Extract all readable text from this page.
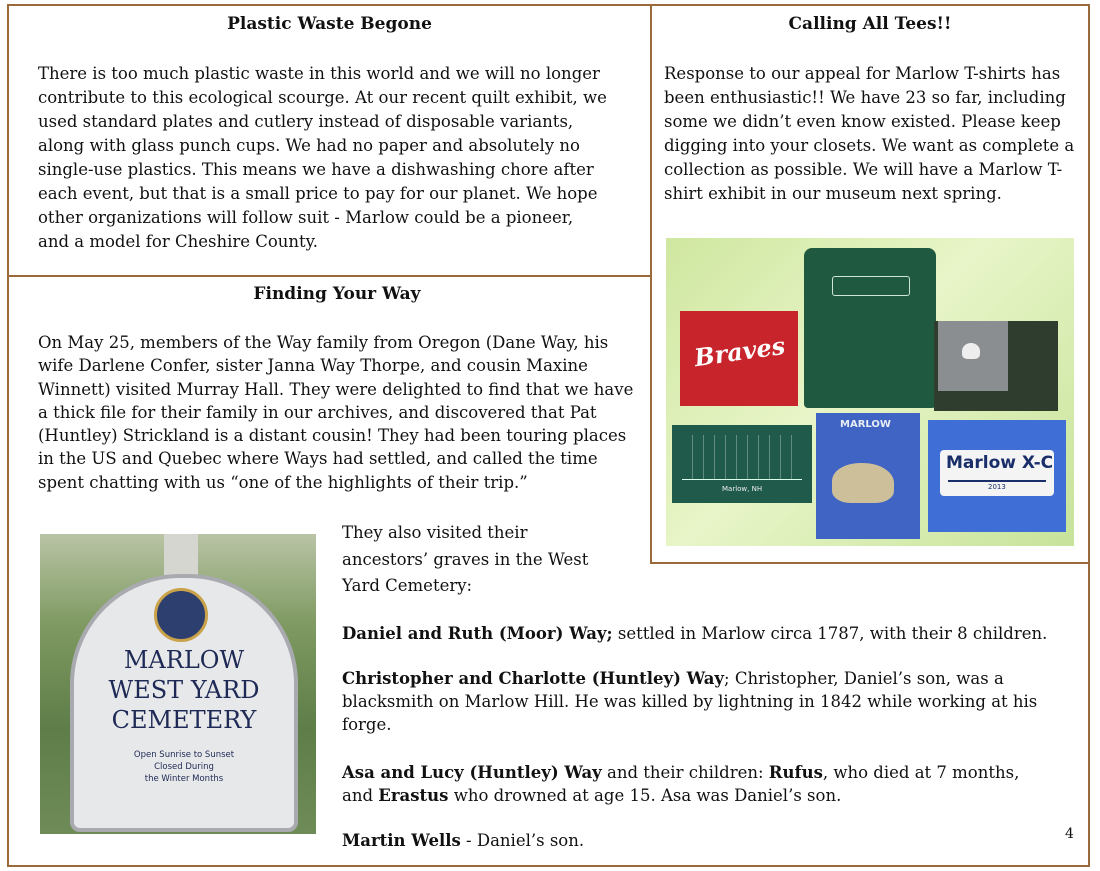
Plastic Waste Begone
There is too much plastic waste in this world and we will no longer contribute to this ecological scourge. At our recent quilt exhibit, we used standard plates and cutlery instead of disposable variants, along with glass punch cups. We had no paper and absolutely no single-use plastics. This means we have a dishwashing chore after each event, but that is a small price to pay for our planet. We hope other organizations will follow suit - Marlow could be a pioneer, and a model for Cheshire County.
Calling All Tees!!
Response to our appeal for Marlow T-shirts has been enthusiastic!! We have 23 so far, including some we didn’t even know existed. Please keep digging into your closets. We want as complete a collection as possible. We will have a Marlow T-shirt exhibit in our museum next spring.
Braves
Marlow, NH
MARLOW
Marlow X-C
2013
Finding Your Way
On May 25, members of the Way family from Oregon (Dane Way, his wife Darlene Confer, sister Janna Way Thorpe, and cousin Maxine Winnett) visited Murray Hall. They were delighted to find that we have a thick file for their family in our archives, and discovered that Pat (Huntley) Strickland is a distant cousin! They had been touring places in the US and Quebec where Ways had settled, and called the time spent chatting with us “one of the highlights of their trip.”
MARLOW
WEST YARD
CEMETERY
Open Sunrise to Sunset
Closed During
the Winter Months
They also visited their ancestors’ graves in the West Yard Cemetery:
Daniel and Ruth (Moor) Way; settled in Marlow circa 1787, with their 8 children.
Christopher and Charlotte (Huntley) Way; Christopher, Daniel’s son, was a blacksmith on Marlow Hill. He was killed by lightning in 1842 while working at his forge.
Asa and Lucy (Huntley) Way and their children: Rufus, who died at 7 months, and Erastus who drowned at age 15. Asa was Daniel’s son.
Martin Wells - Daniel’s son.	4
